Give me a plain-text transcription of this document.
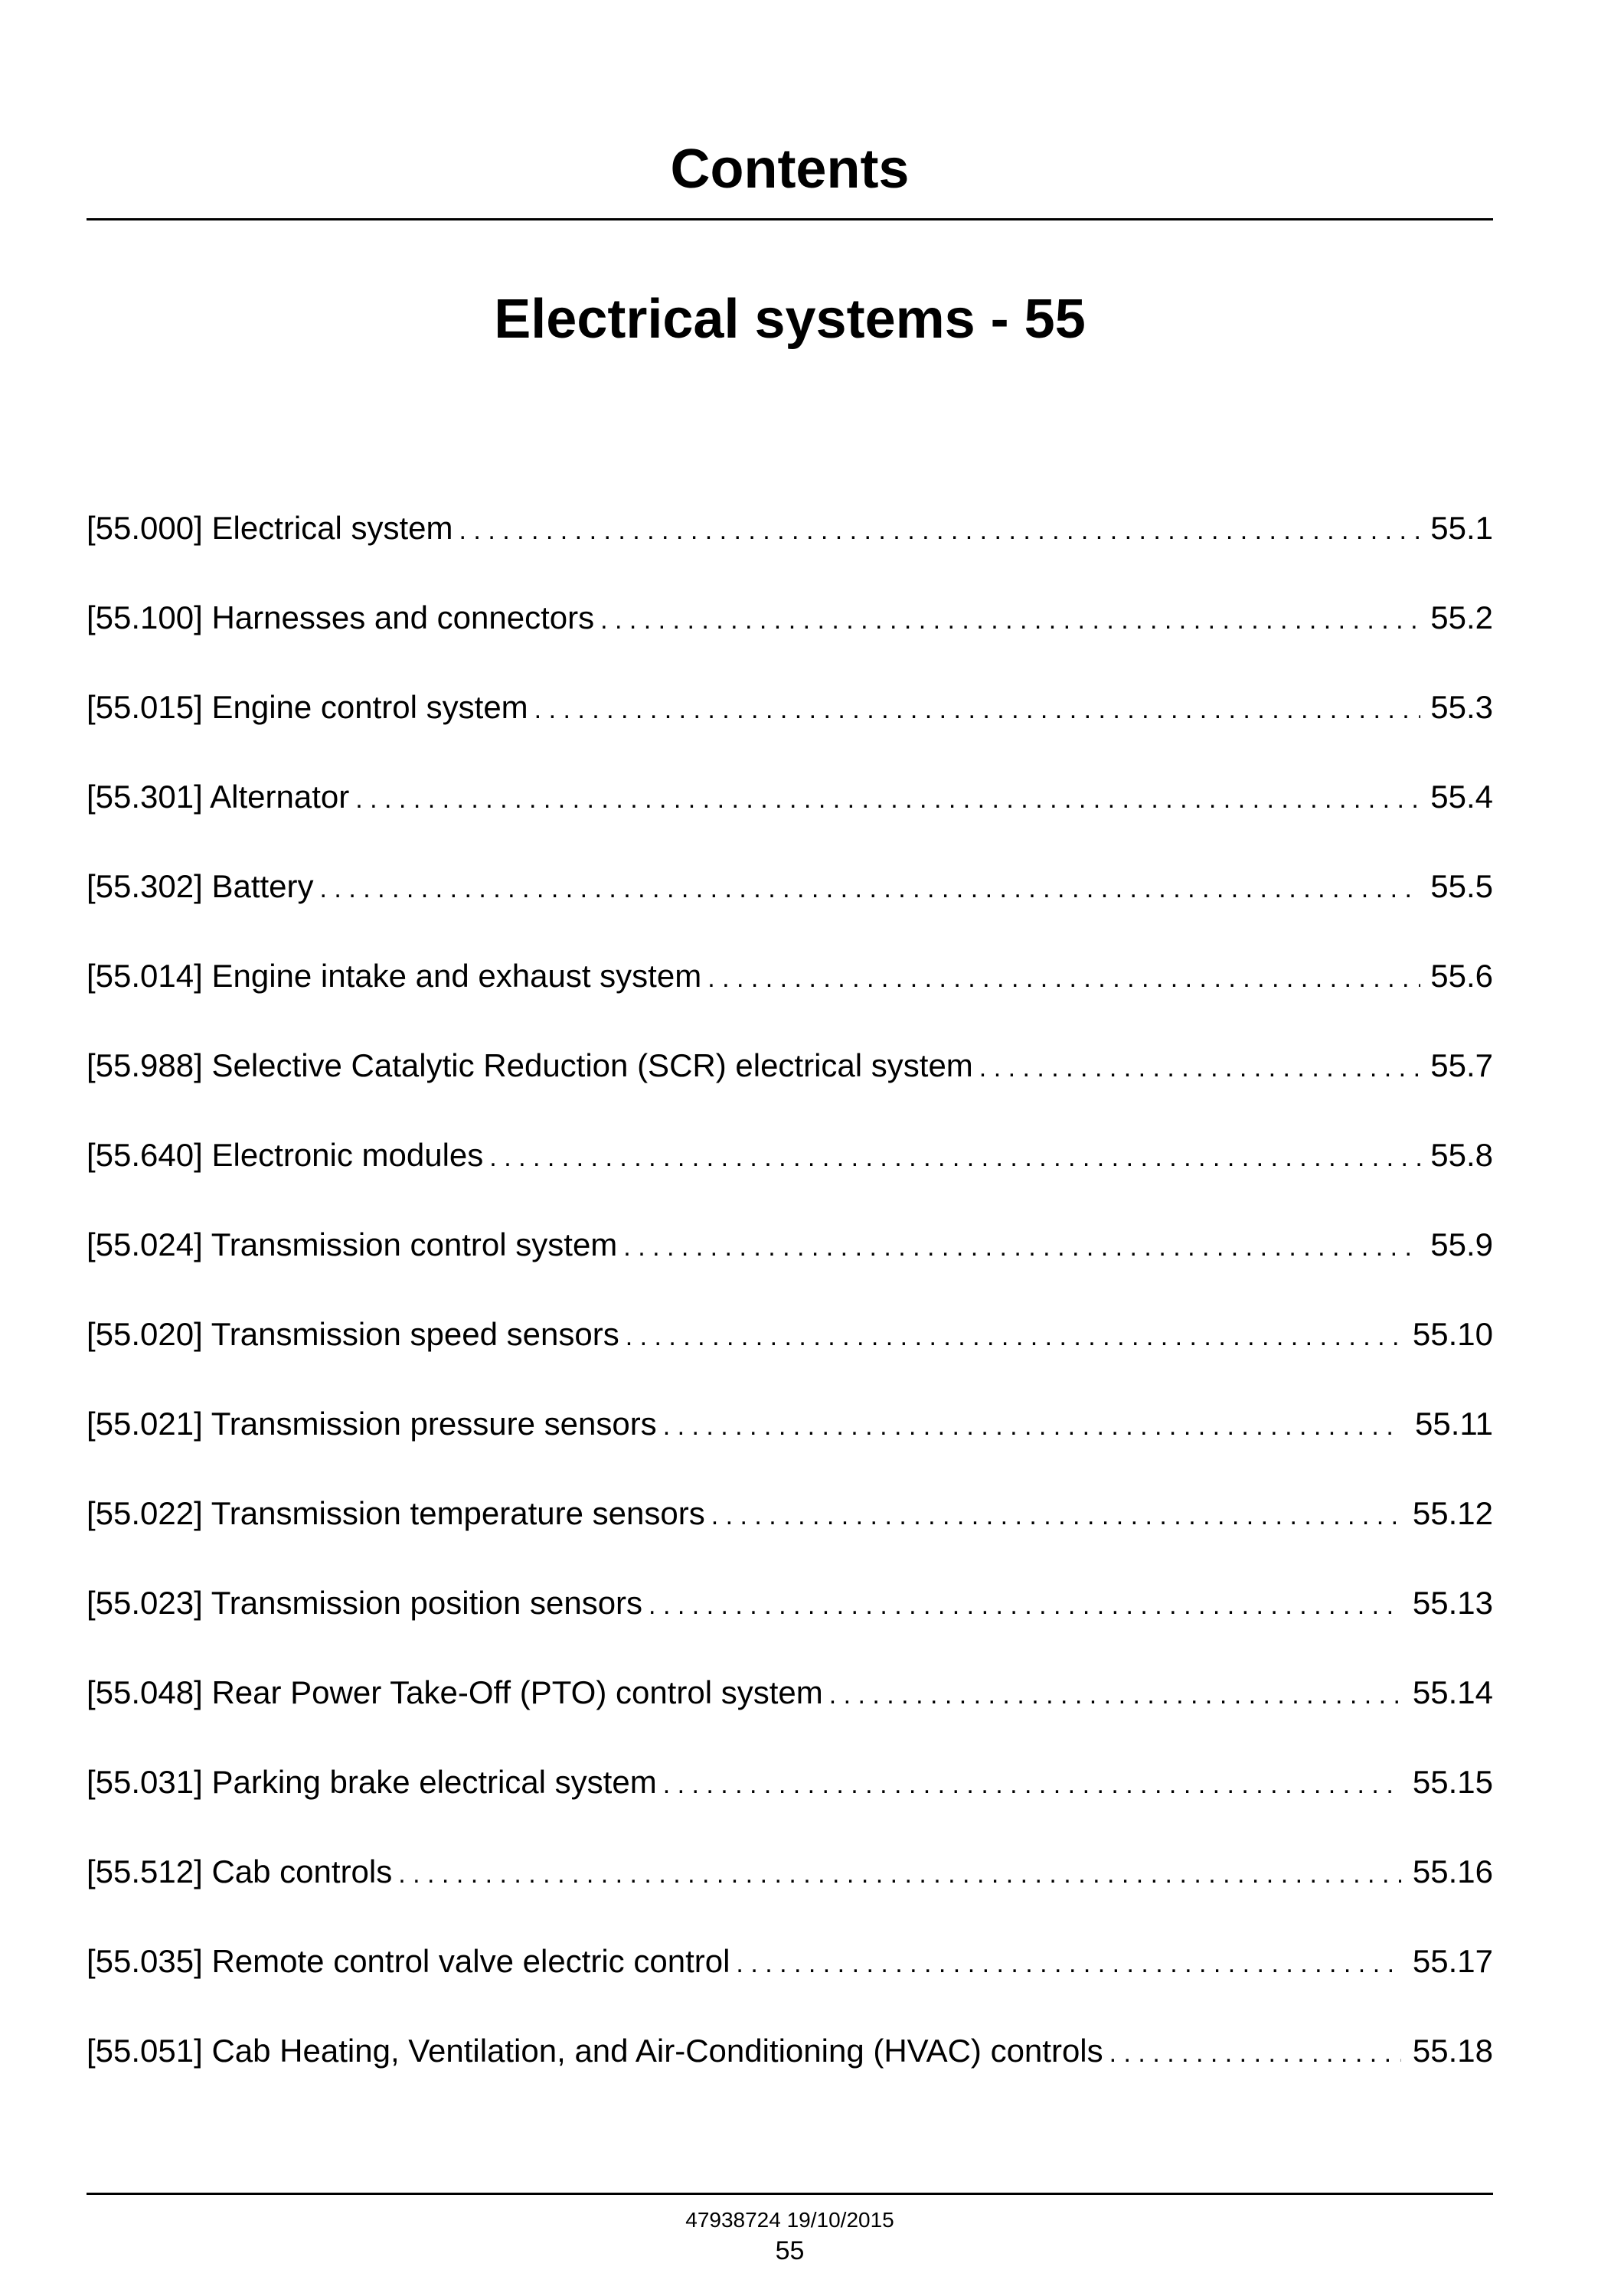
Contents
Electrical systems - 55
[55.000] Electrical system . . .	55.1
[55.100] Harnesses and connectors . . .	55.2
[55.015] Engine control system . . .	55.3
[55.301] Alternator . . .	55.4
[55.302] Battery . . .	55.5
[55.014] Engine intake and exhaust system . . .	55.6
[55.988] Selective Catalytic Reduction (SCR) electrical system . . .	55.7
[55.640] Electronic modules . . .	55.8
[55.024] Transmission control system . . .	55.9
[55.020] Transmission speed sensors . . .	55.10
[55.021] Transmission pressure sensors . . .	55.11
[55.022] Transmission temperature sensors . . .	55.12
[55.023] Transmission position sensors . . .	55.13
[55.048] Rear Power Take-Off (PTO) control system . . .	55.14
[55.031] Parking brake electrical system . . .	55.15
[55.512] Cab controls . . .	55.16
[55.035] Remote control valve electric control . . .	55.17
[55.051] Cab Heating, Ventilation, and Air-Conditioning (HVAC) controls . . .	55.18
47938724 19/10/2015
55
